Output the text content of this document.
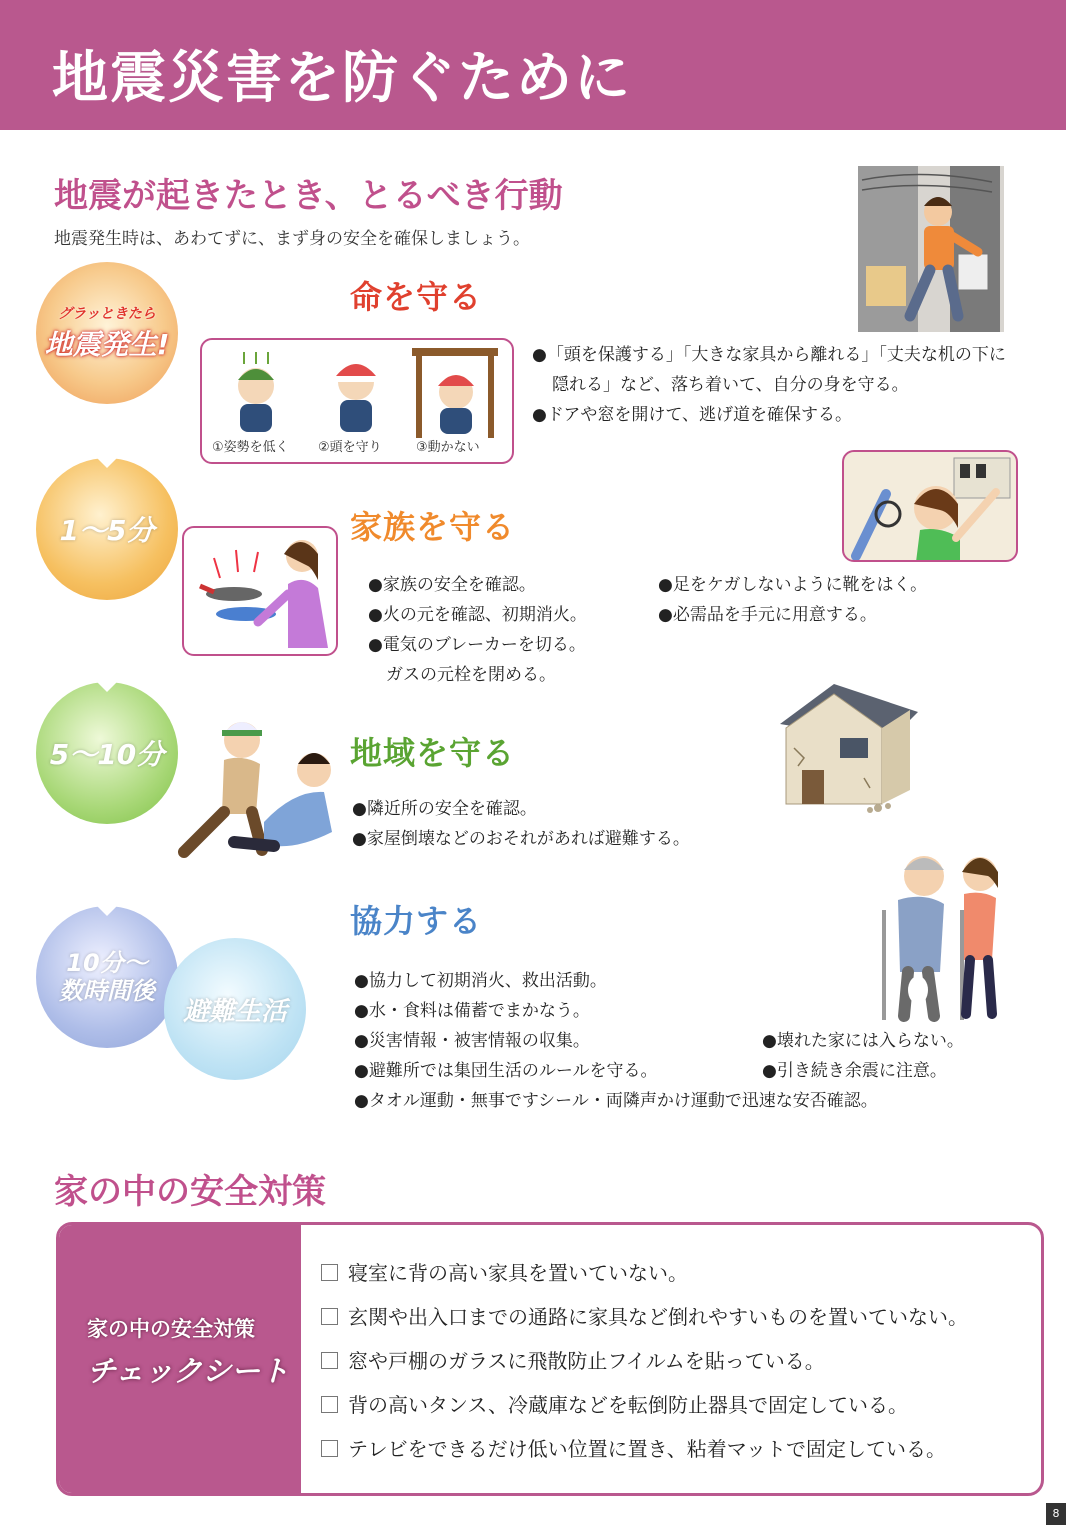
地震災害を防ぐために
地震が起きたとき、とるべき行動
地震発生時は、あわてずに、まず身の安全を確保しましょう。
グラッときたら
地震発生!
命を守る
①姿勢を低く ②頭を守り	③動かない
●「頭を保護する」「大きな家具から離れる」「丈夫な机の下に
隠れる」など、落ち着いて、自分の身を守る。
●ドアや窓を開けて、逃げ道を確保する。
1〜5分	家族を守る
●家族の安全を確認。
●火の元を確認、初期消火。
●電気のブレーカーを切る。
ガスの元栓を閉める。
●足をケガしないように靴をはく。
●必需品を手元に用意する。
5〜10分	地域を守る
●隣近所の安全を確認。
●家屋倒壊などのおそれがあれば避難する。
10分〜
数時間後
避難生活
協力する
●協力して初期消火、救出活動。
●水・食料は備蓄でまかなう。
●災害情報・被害情報の収集。
●避難所では集団生活のルールを守る。
●タオル運動・無事ですシール・両隣声かけ運動で迅速な安否確認。
●壊れた家には入らない。
●引き続き余震に注意。
家の中の安全対策
家の中の安全対策
チェックシート
寝室に背の高い家具を置いていない。
玄関や出入口までの通路に家具など倒れやすいものを置いていない。
窓や戸棚のガラスに飛散防止フイルムを貼っている。
背の高いタンス、冷蔵庫などを転倒防止器具で固定している。
テレビをできるだけ低い位置に置き、粘着マットで固定している。
8
